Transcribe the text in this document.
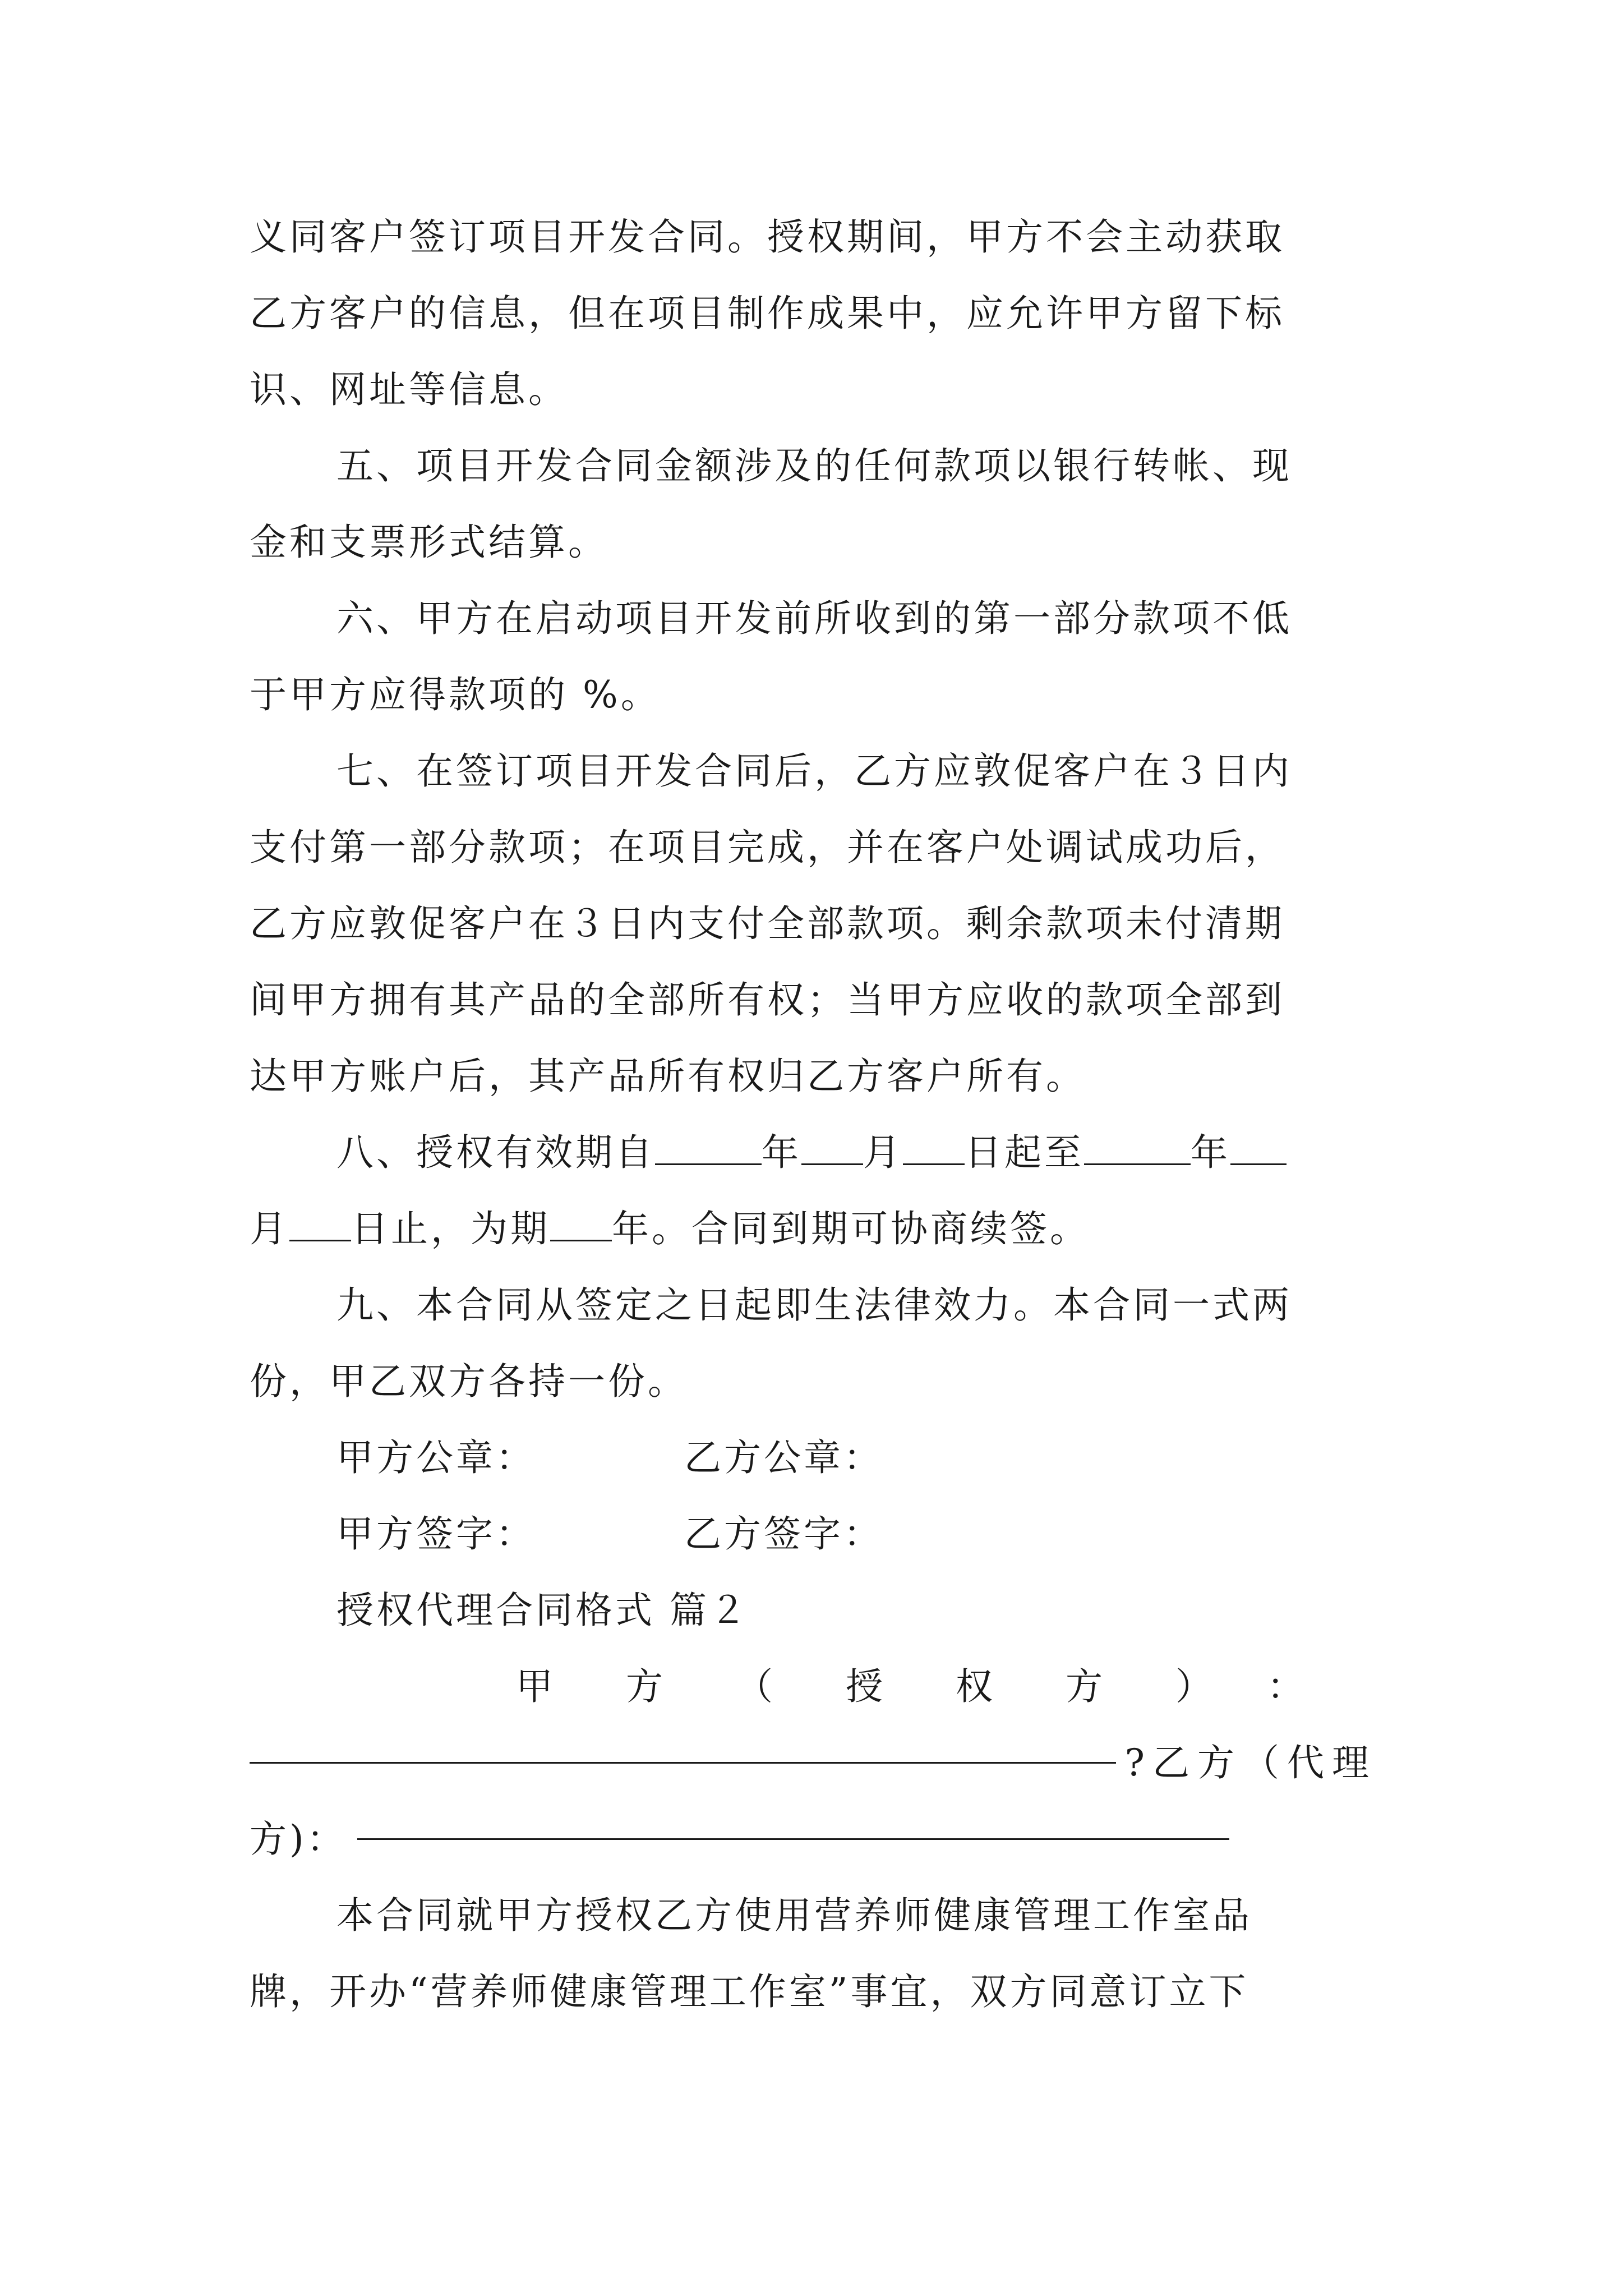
义同客户签订项目开发合同。授权期间，甲方不会主动获取
乙方客户的信息，但在项目制作成果中，应允许甲方留下标
识、网址等信息。
五、项目开发合同金额涉及的任何款项以银行转帐、现
金和支票形式结算。
六、甲方在启动项目开发前所收到的第一部分款项不低
于甲方应得款项的 %。
七、在签订项目开发合同后，乙方应敦促客户在３日内
支付第一部分款项；在项目完成，并在客户处调试成功后，
乙方应敦促客户在３日内支付全部款项。剩余款项未付清期
间甲方拥有其产品的全部所有权；当甲方应收的款项全部到
达甲方账户后，其产品所有权归乙方客户所有。
八、授权有效期自	年 月 日起至	年
月 日止，为期 年。合同到期可协商续签。
九、本合同从签定之日起即生法律效力。本合同一式两
份，甲乙双方各持一份。
甲方公章：	乙方公章：
甲方签字：	乙方签字：
授权代理合同格式 篇２
甲方（授权方）：
?乙方（代理
方)：
本合同就甲方授权乙方使用营养师健康管理工作室品
牌，开办“营养师健康管理工作室”事宜，双方同意订立下
